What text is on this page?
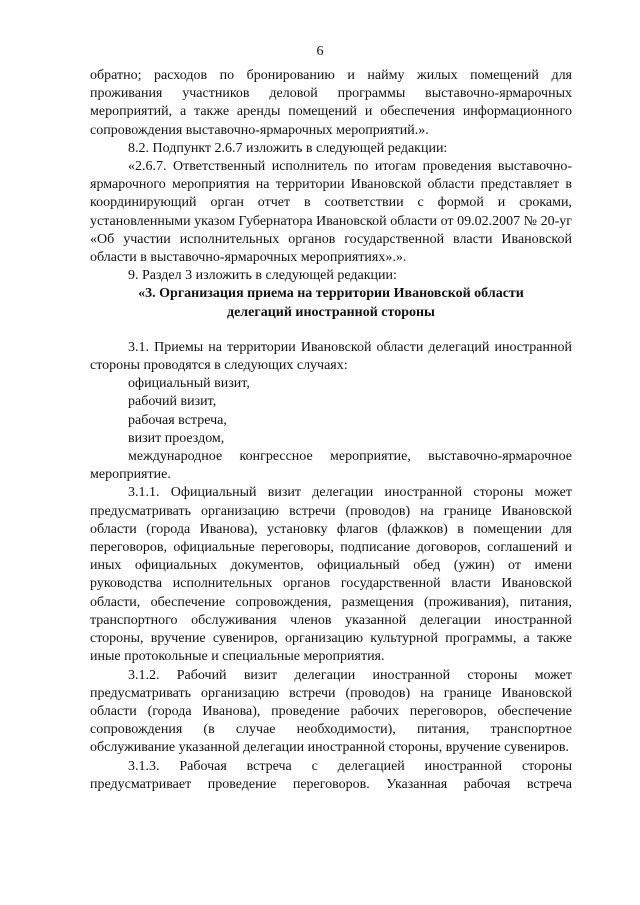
6

обратно; расходов по бронированию и найму жилых помещений для проживания участников деловой программы выставочно-ярмарочных мероприятий, а также аренды помещений и обеспечения информационного сопровождения выставочно-ярмарочных мероприятий.».

8.2. Подпункт 2.6.7 изложить в следующей редакции:

«2.6.7. Ответственный исполнитель по итогам проведения выставочно-ярмарочного мероприятия на территории Ивановской области представляет в координирующий орган отчет в соответствии с формой и сроками, установленными указом Губернатора Ивановской области от 09.02.2007 № 20-уг «Об участии исполнительных органов государственной власти Ивановской области в выставочно-ярмарочных мероприятиях».».

9. Раздел 3 изложить в следующей редакции:

«3. Организация приема на территории Ивановской области

делегаций иностранной стороны

3.1. Приемы на территории Ивановской области делегаций иностранной стороны проводятся в следующих случаях:

официальный визит,

рабочий визит,

рабочая встреча,

визит проездом,

международное конгрессное мероприятие, выставочно-ярмарочное мероприятие.

3.1.1. Официальный визит делегации иностранной стороны может предусматривать организацию встречи (проводов) на границе Ивановской области (города Иванова), установку флагов (флажков) в помещении для переговоров, официальные переговоры, подписание договоров, соглашений и иных официальных документов, официальный обед (ужин) от имени руководства исполнительных органов государственной власти Ивановской области, обеспечение сопровождения, размещения (проживания), питания, транспортного обслуживания членов указанной делегации иностранной стороны, вручение сувениров, организацию культурной программы, а также иные протокольные и специальные мероприятия.

3.1.2. Рабочий визит делегации иностранной стороны может предусматривать организацию встречи (проводов) на границе Ивановской области (города Иванова), проведение рабочих переговоров, обеспечение сопровождения (в случае необходимости), питания, транспортное обслуживание указанной делегации иностранной стороны, вручение сувениров.

3.1.3. Рабочая встреча с делегацией иностранной стороны предусматривает проведение переговоров. Указанная рабочая встреча
